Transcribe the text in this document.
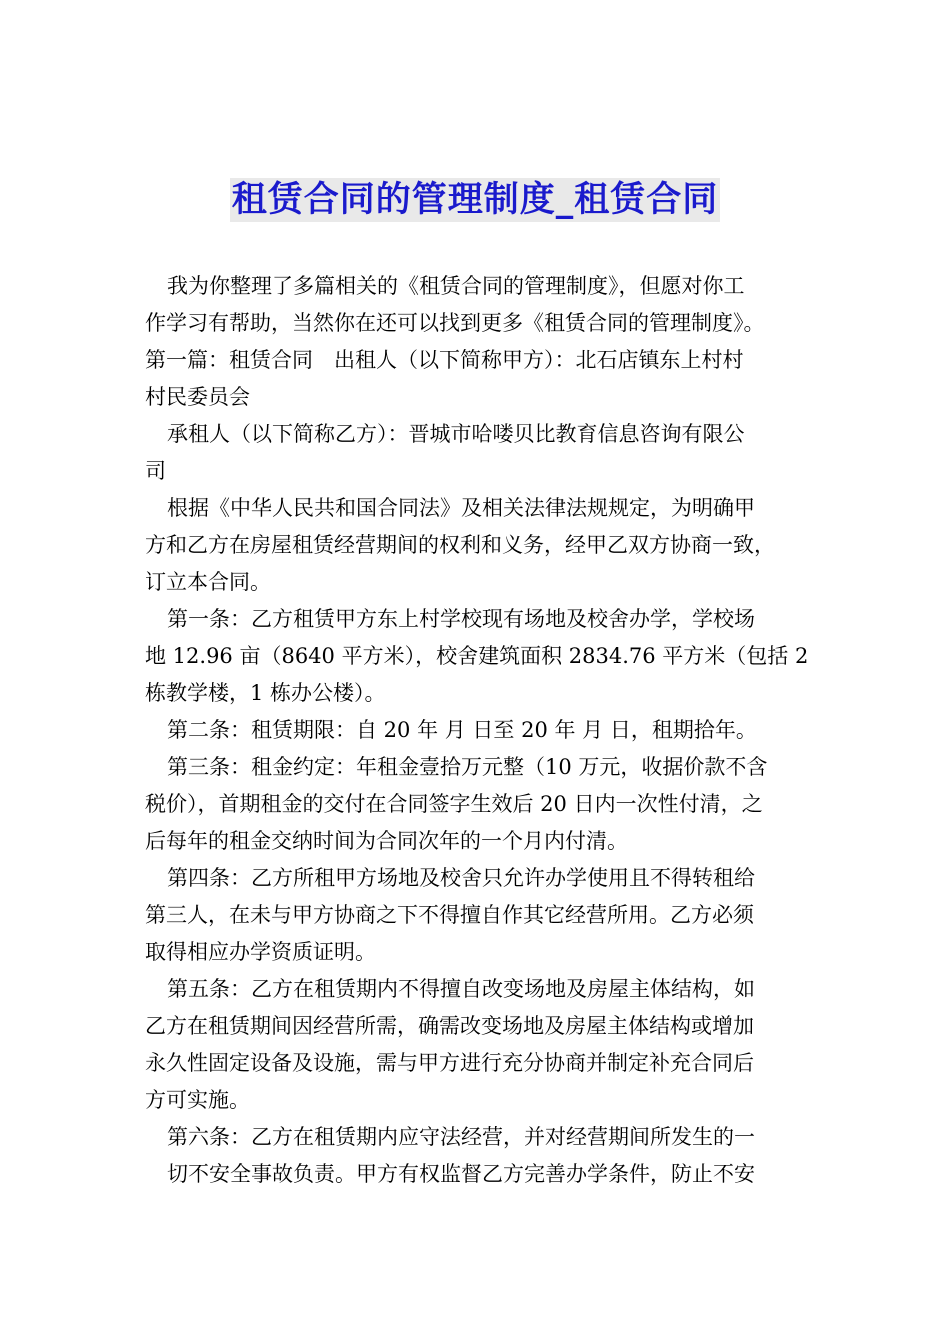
租赁合同的管理制度_租赁合同
我为你整理了多篇相关的《租赁合同的管理制度》，但愿对你工
作学习有帮助，当然你在还可以找到更多《租赁合同的管理制度》。
第一篇：租赁合同　出租人（以下简称甲方）：北石店镇东上村村
村民委员会
承租人（以下简称乙方）：晋城市哈喽贝比教育信息咨询有限公
司
根据《中华人民共和国合同法》及相关法律法规规定，为明确甲
方和乙方在房屋租赁经营期间的权利和义务，经甲乙双方协商一致，
订立本合同。
第一条：乙方租赁甲方东上村学校现有场地及校舍办学，学校场
地 12.96 亩（8640 平方米），校舍建筑面积 2834.76 平方米（包括 2
栋教学楼，1 栋办公楼）。
第二条：租赁期限：自 20 年 月 日至 20 年 月 日，租期拾年。
第三条：租金约定：年租金壹拾万元整（10 万元，收据价款不含
税价），首期租金的交付在合同签字生效后 20 日内一次性付清，之
后每年的租金交纳时间为合同次年的一个月内付清。
第四条：乙方所租甲方场地及校舍只允许办学使用且不得转租给
第三人，在未与甲方协商之下不得擅自作其它经营所用。乙方必须
取得相应办学资质证明。
第五条：乙方在租赁期内不得擅自改变场地及房屋主体结构，如
乙方在租赁期间因经营所需，确需改变场地及房屋主体结构或增加
永久性固定设备及设施，需与甲方进行充分协商并制定补充合同后
方可实施。
第六条：乙方在租赁期内应守法经营，并对经营期间所发生的一
切不安全事故负责。甲方有权监督乙方完善办学条件，防止不安
